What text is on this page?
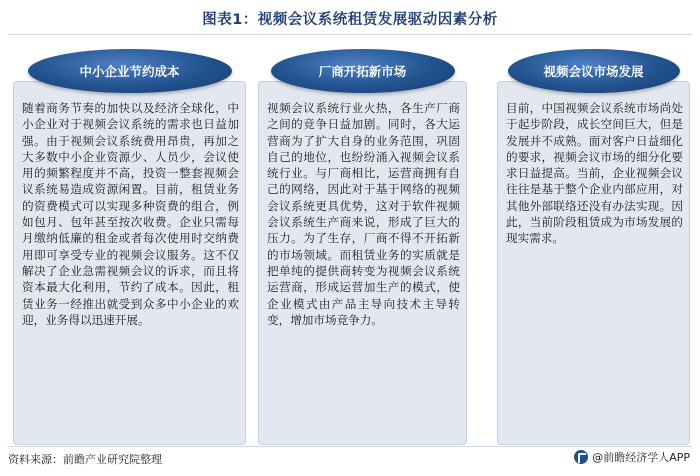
图表1：视频会议系统租赁发展驱动因素分析
中小企业节约成本
随着商务节奏的加快以及经济全球化，中小企业对于视频会议系统的需求也日益加强。由于视频会议系统费用昂贵，再加之大多数中小企业资源少、人员少，会议使用的频繁程度并不高，投资一整套视频会议系统易造成资源闲置。目前，租赁业务的资费模式可以实现多种资费的组合，例如包月、包年甚至按次收费。企业只需每月缴纳低廉的租金或者每次使用时交纳费用即可享受专业的视频会议服务。这不仅解决了企业急需视频会议的诉求，而且将资本最大化利用，节约了成本。因此，租赁业务一经推出就受到众多中小企业的欢迎，业务得以迅速开展。
厂商开拓新市场
视频会议系统行业火热，各生产厂商之间的竞争日益加剧。同时，各大运营商为了扩大自身的业务范围，巩固自己的地位，也纷纷涌入视频会议系统行业。与厂商相比，运营商拥有自己的网络，因此对于基于网络的视频会议系统更具优势，这对于软件视频会议系统生产商来说，形成了巨大的压力。为了生存，厂商不得不开拓新的市场领域。而租赁业务的实质就是把单纯的提供商转变为视频会议系统运营商，形成运营加生产的模式，使企业模式由产品主导向技术主导转变，增加市场竞争力。
视频会议市场发展
目前，中国视频会议系统市场尚处于起步阶段，成长空间巨大，但是发展并不成熟。面对客户日益细化的要求，视频会议市场的细分化要求日益提高。当前，企业视频会议往往是基于整个企业内部应用，对其他外部联络还没有办法实现。因此，当前阶段租赁成为市场发展的现实需求。
资料来源：前瞻产业研究院整理	@前瞻经济学人APP
